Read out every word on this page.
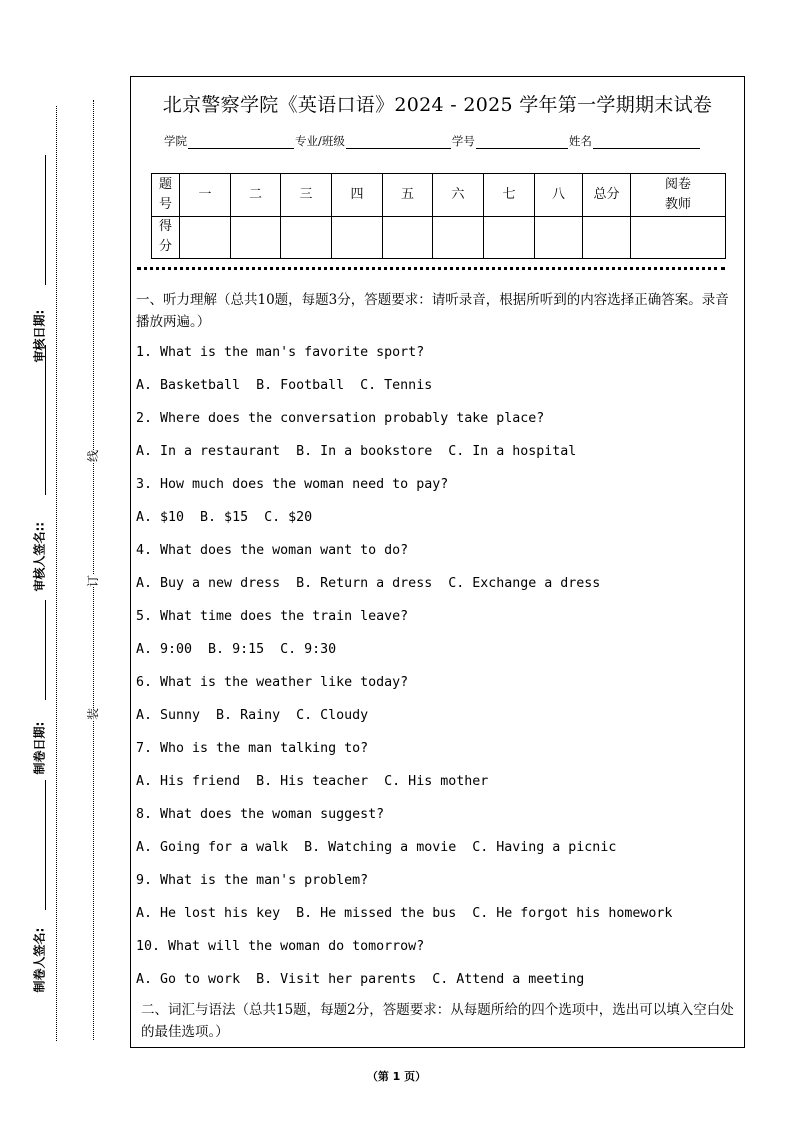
审核日期:
审核人签名::
制卷日期:
制卷人签名:
线
订
装
北京警察学院《英语口语》2024 - 2025 学年第一学期期末试卷
学院	专业/班级	学号	姓名
题号	一	二	三	四	五	六	七	八	总分	阅卷教师
得分										

一、听力理解（总共10题，每题3分，答题要求：请听录音，根据所听到的内容选择正确答案。录音播放两遍。）

1. What is the man's favorite sport?

A. Basketball  B. Football  C. Tennis

2. Where does the conversation probably take place?

A. In a restaurant  B. In a bookstore  C. In a hospital

3. How much does the woman need to pay?

A. $10  B. $15  C. $20

4. What does the woman want to do?

A. Buy a new dress  B. Return a dress  C. Exchange a dress

5. What time does the train leave?

A. 9:00  B. 9:15  C. 9:30

6. What is the weather like today?

A. Sunny  B. Rainy  C. Cloudy

7. Who is the man talking to?

A. His friend  B. His teacher  C. His mother

8. What does the woman suggest?

A. Going for a walk  B. Watching a movie  C. Having a picnic

9. What is the man's problem?

A. He lost his key  B. He missed the bus  C. He forgot his homework

10. What will the woman do tomorrow?

A. Go to work  B. Visit her parents  C. Attend a meeting

二、词汇与语法（总共15题，每题2分，答题要求：从每题所给的四个选项中，选出可以填入空白处的最佳选项。）

（第 1 页）
